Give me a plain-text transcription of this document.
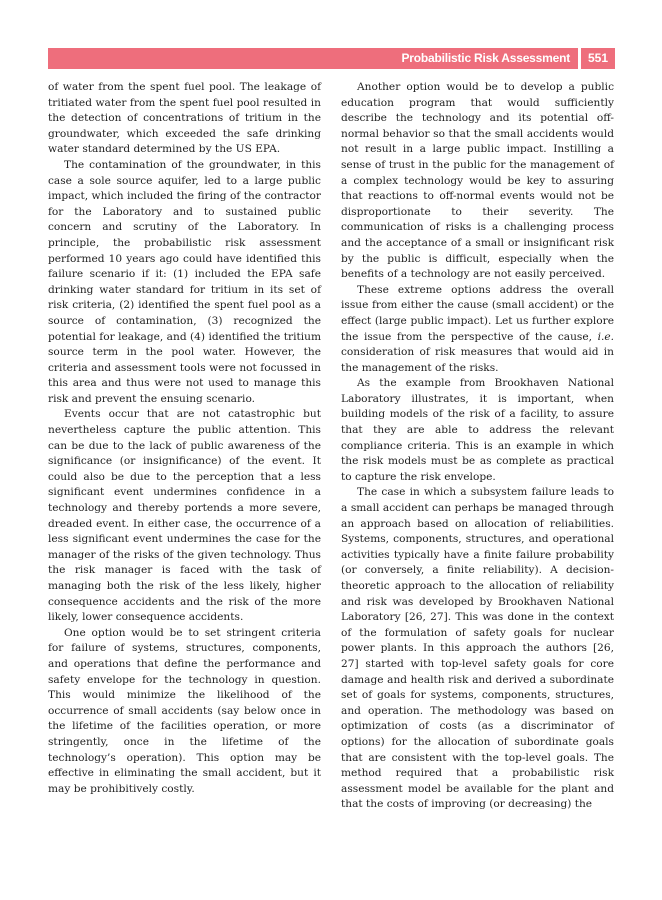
Probabilistic Risk Assessment	551

of water from the spent fuel pool. The leakage of tritiated water from the spent fuel pool resulted in the detection of concentrations of tritium in the groundwater, which exceeded the safe drinking water standard determined by the US EPA.

The contamination of the groundwater, in this case a sole source aquifer, led to a large public impact, which included the firing of the contractor for the Laboratory and to sustained public concern and scrutiny of the Laboratory. In principle, the probabilistic risk assessment performed 10 years ago could have identified this failure scenario if it: (1) included the EPA safe drinking water standard for tritium in its set of risk criteria, (2) identified the spent fuel pool as a source of contamination, (3) recognized the potential for leakage, and (4) identified the tritium source term in the pool water. However, the criteria and assessment tools were not focussed in this area and thus were not used to manage this risk and prevent the ensuing scenario.

Events occur that are not catastrophic but nevertheless capture the public attention. This can be due to the lack of public awareness of the significance (or insignificance) of the event. It could also be due to the perception that a less significant event undermines confidence in a technology and thereby portends a more severe, dreaded event. In either case, the occurrence of a less significant event undermines the case for the manager of the risks of the given technology. Thus the risk manager is faced with the task of managing both the risk of the less likely, higher consequence accidents and the risk of the more likely, lower consequence accidents.

One option would be to set stringent criteria for failure of systems, structures, components, and operations that define the performance and safety envelope for the technology in question. This would minimize the likelihood of the occurrence of small accidents (say below once in the lifetime of the facilities operation, or more stringently, once in the lifetime of the technology’s operation). This option may be effective in eliminating the small accident, but it may be prohibitively costly.

Another option would be to develop a public education program that would sufficiently describe the technology and its potential off-normal behavior so that the small accidents would not result in a large public impact. Instilling a sense of trust in the public for the management of a complex technology would be key to assuring that reactions to off-normal events would not be disproportionate to their severity. The communication of risks is a challenging process and the acceptance of a small or insignificant risk by the public is difficult, especially when the benefits of a technology are not easily perceived.

These extreme options address the overall issue from either the cause (small accident) or the effect (large public impact). Let us further explore the issue from the perspective of the cause, i.e. consideration of risk measures that would aid in the management of the risks.

As the example from Brookhaven National Laboratory illustrates, it is important, when building models of the risk of a facility, to assure that they are able to address the relevant compliance criteria. This is an example in which the risk models must be as complete as practical to capture the risk envelope.

The case in which a subsystem failure leads to a small accident can perhaps be managed through an approach based on allocation of reliabilities. Systems, components, structures, and operational activities typically have a finite failure probability (or conversely, a finite reliability). A decision-theoretic approach to the allocation of reliability and risk was developed by Brookhaven National Laboratory [26, 27]. This was done in the context of the formulation of safety goals for nuclear power plants. In this approach the authors [26, 27] started with top-level safety goals for core damage and health risk and derived a subordinate set of goals for systems, components, structures, and operation. The methodology was based on optimization of costs (as a discriminator of options) for the allocation of subordinate goals that are consistent with the top-level goals. The method required that a probabilistic risk assessment model be available for the plant and that the costs of improving (or decreasing) the
